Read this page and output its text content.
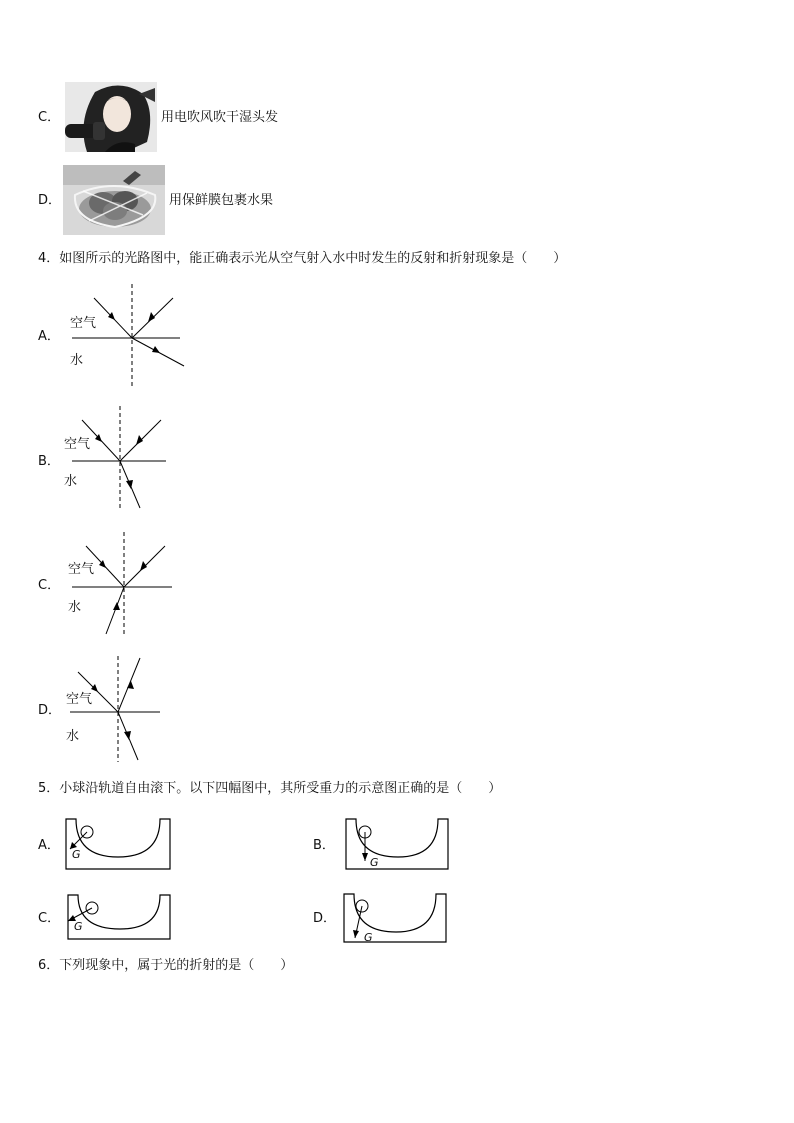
C．	用电吹风吹干湿头发
D．	用保鲜膜包裹水果
4．如图所示的光路图中，能正确表示光从空气射入水中时发生的反射和折射现象是（　　）
A．
空气
水
B．
空气
水
C．
空气
水
D．
空气
水
5．小球沿轨道自由滚下。以下四幅图中，其所受重力的示意图正确的是（　　）
A．
G
B．
G
C．
G
D．
G
6．下列现象中，属于光的折射的是（　　）
